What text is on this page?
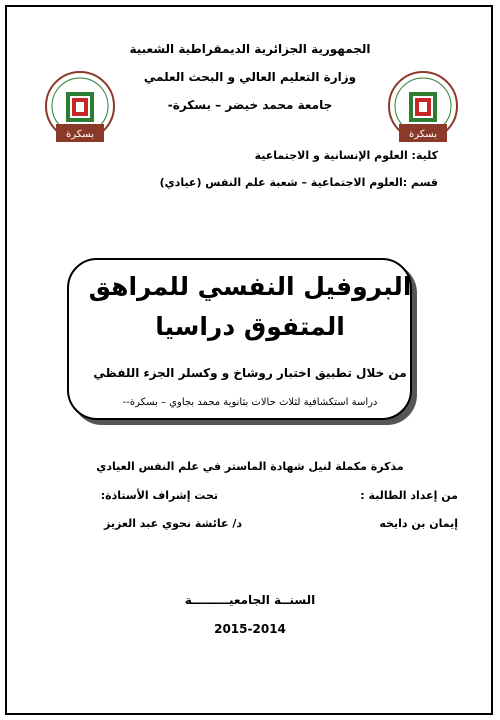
بسكرة	بسكرة
الجمهورية الجزائرية الديمقراطية الشعبية
وزارة التعليم العالي و البحث العلمي
جامعة محمد خيضر – بسكرة-
كلية: العلوم الإنسانية و الاجتماعية
قسم :العلوم الاجتماعية – شعبة علم النفس (عيادي)
البروفيل النفسي للمراهق
المتفوق دراسيا
من خلال تطبيق اختبار روشاخ و وكسلر الجزء اللفظي
دراسة استكشافية لثلاث حالات بثانوية محمد بجاوي – بسكرة--
مذكرة مكملة لنيل شهادة الماستر في علم النفس العيادي
من إعداد الطالبة :
تحت إشراف الأستاذة:
إيمان بن دايخه
د/ عائشة نحوي عبد العزيز
السنــة الجامعيـــــــــة
2015-2014
